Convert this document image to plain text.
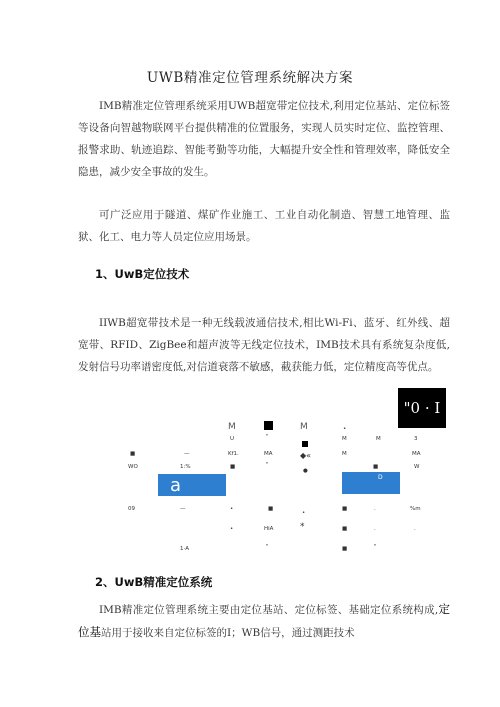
UWB精准定位管理系统解决方案

IMB精准定位管理系统采用UWB超宽带定位技术,利用定位基站、定位标签等设备向智越物联网平台提供精准的位置服务，实现人员实时定位、监控管理、报警求助、轨迹追踪、智能考勤等功能，大幅提升安全性和管理效率，降低安全隐患，减少安全事故的发生。

可广泛应用于隧道、煤矿作业施工、工业自动化制造、智慧工地管理、监狱、化工、电力等人员定位应用场景。

1、UwB定位技术

IIWB超宽带技术是一种无线载波通信技术,相比Wi-Fi、蓝牙、红外线、超宽带、RFID、ZigBee和超声波等无线定位技术，IMB技术具有系统复杂度低,发射信号功率谱密度低,对信道衰落不敏感，截获能力低，定位精度高等优点。

"0 · I
M	M	•
U	"	M	M	3
■	—	Kf1.	MA	◆«	M	MA
WO	1:%	■	"
●
■	W
a	D
09	—	•	■
•
■	.	%m
•	HiA	*	■	.	.
1·A	"	■	"
2、UwB精准定位系统

IMB精准定位管理系统主要由定位基站、定位标签、基础定位系统构成,定位基站用于接收来自定位标签的I；WB信号，通过测距技术
